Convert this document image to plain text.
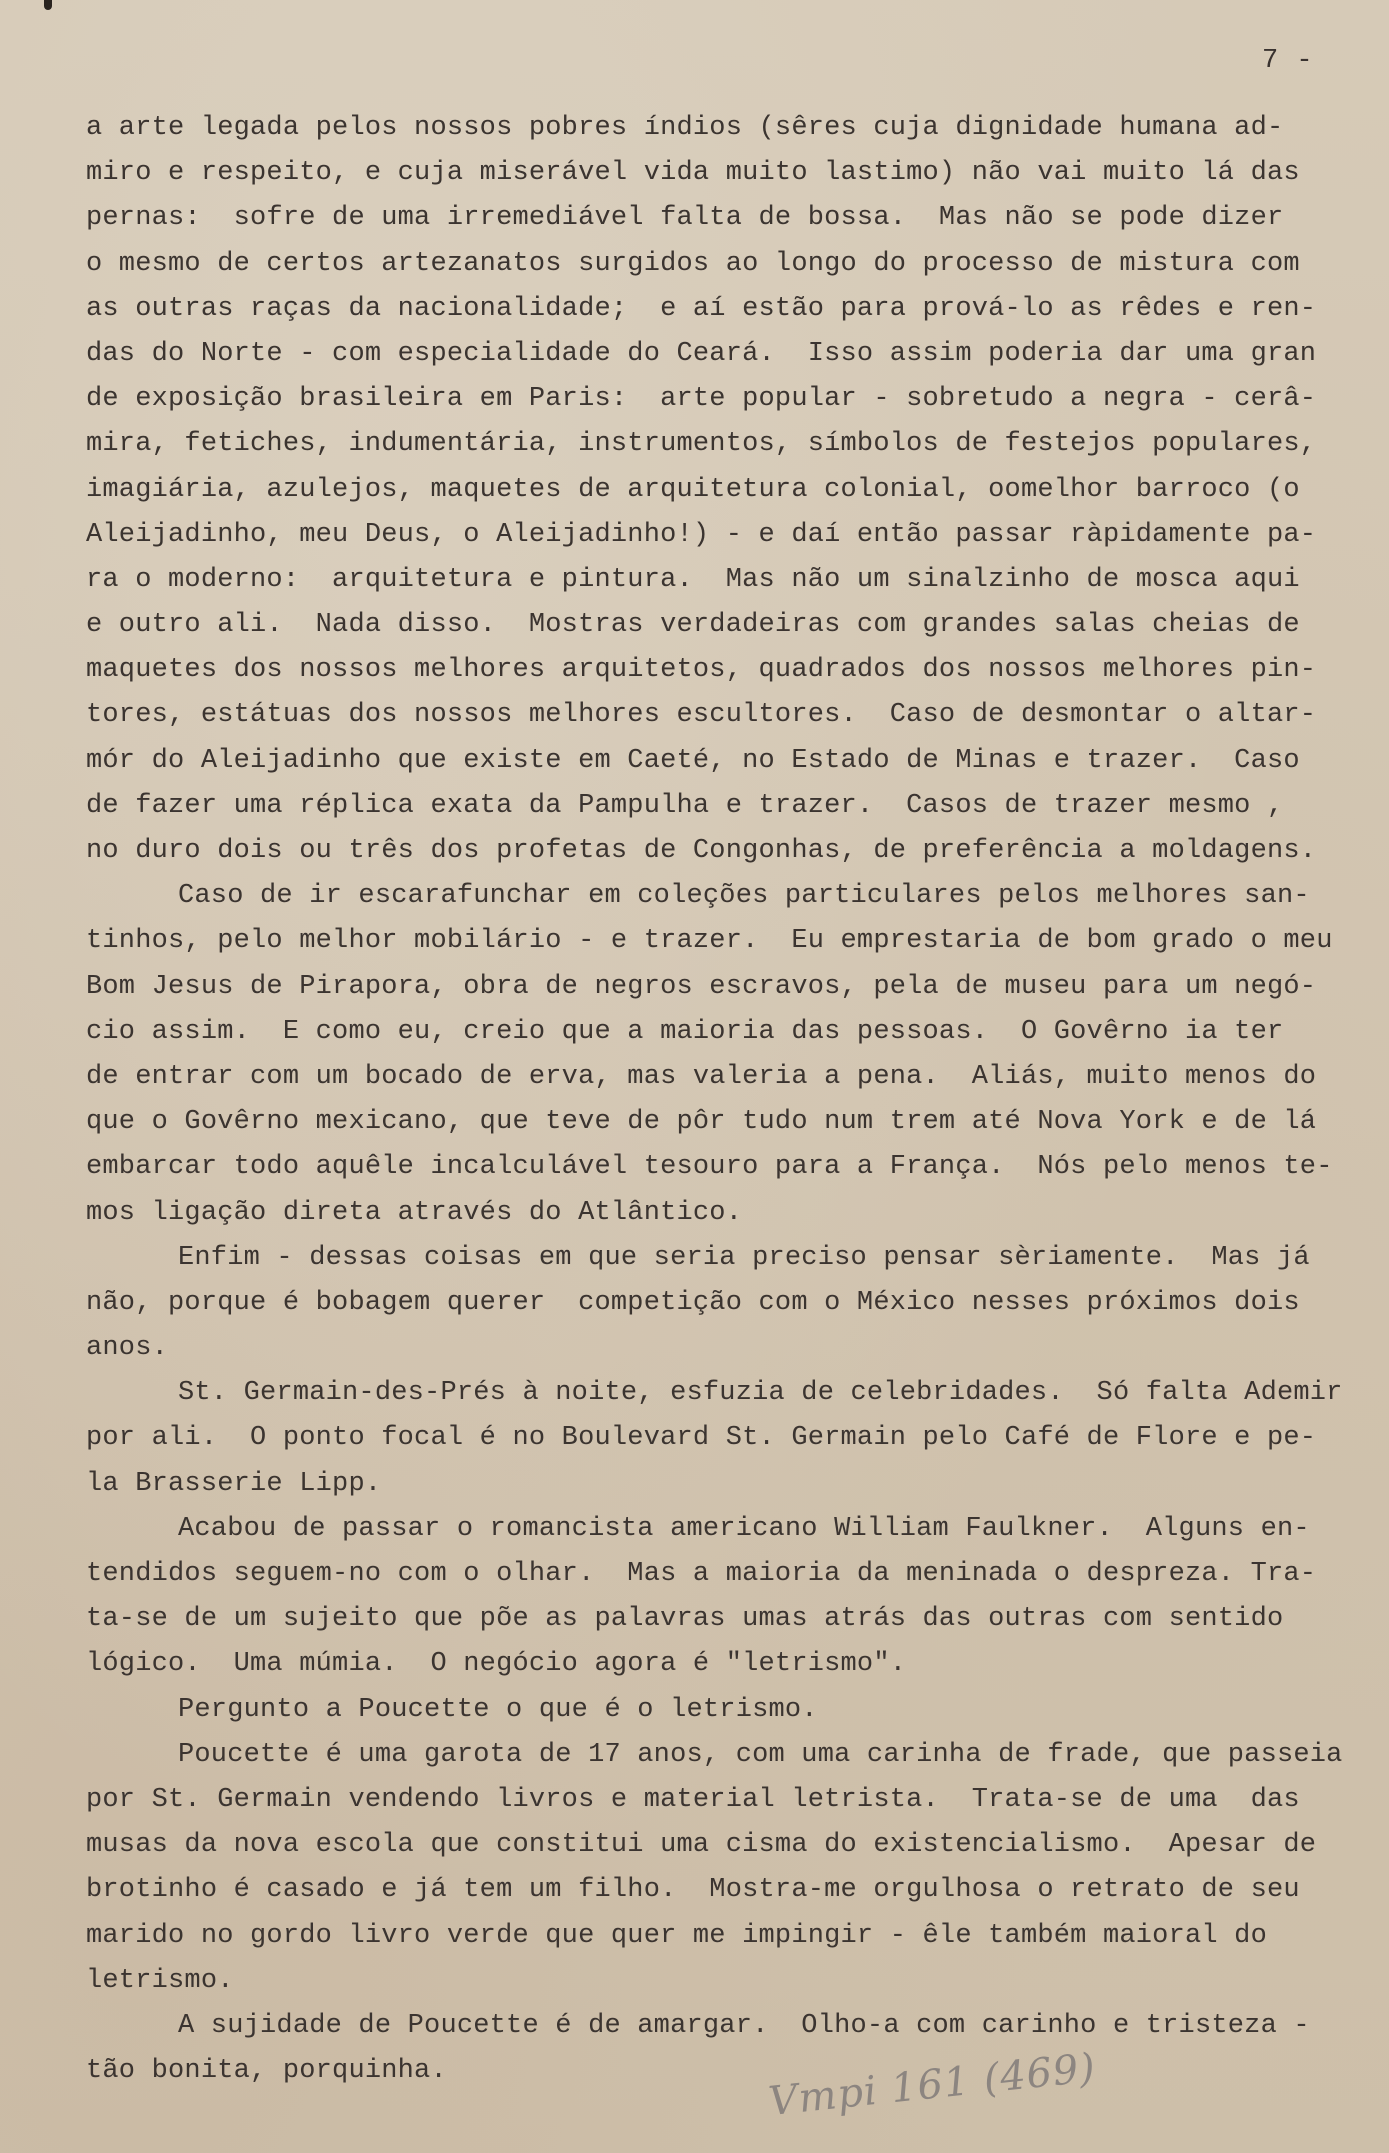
7 -
a arte legada pelos nossos pobres índios (sêres cuja dignidade humana ad-
miro e respeito, e cuja miserável vida muito lastimo) não vai muito lá das
pernas:  sofre de uma irremediável falta de bossa.  Mas não se pode dizer
o mesmo de certos artezanatos surgidos ao longo do processo de mistura com
as outras raças da nacionalidade;  e aí estão para prová-lo as rêdes e ren-
das do Norte - com especialidade do Ceará.  Isso assim poderia dar uma gran
de exposição brasileira em Paris:  arte popular - sobretudo a negra - cerâ-
mira, fetiches, indumentária, instrumentos, símbolos de festejos populares,
imagiária, azulejos, maquetes de arquitetura colonial, oomelhor barroco (o
Aleijadinho, meu Deus, o Aleijadinho!) - e daí então passar ràpidamente pa-
ra o moderno:  arquitetura e pintura.  Mas não um sinalzinho de mosca aqui
e outro ali.  Nada disso.  Mostras verdadeiras com grandes salas cheias de
maquetes dos nossos melhores arquitetos, quadrados dos nossos melhores pin-
tores, estátuas dos nossos melhores escultores.  Caso de desmontar o altar-
mór do Aleijadinho que existe em Caeté, no Estado de Minas e trazer.  Caso
de fazer uma réplica exata da Pampulha e trazer.  Casos de trazer mesmo ,
no duro dois ou três dos profetas de Congonhas, de preferência a moldagens.
Caso de ir escarafunchar em coleções particulares pelos melhores san-
tinhos, pelo melhor mobilário - e trazer.  Eu emprestaria de bom grado o meu
Bom Jesus de Pirapora, obra de negros escravos, pela de museu para um negó-
cio assim.  E como eu, creio que a maioria das pessoas.  O Govêrno ia ter
de entrar com um bocado de erva, mas valeria a pena.  Aliás, muito menos do
que o Govêrno mexicano, que teve de pôr tudo num trem até Nova York e de lá
embarcar todo aquêle incalculável tesouro para a França.  Nós pelo menos te-
mos ligação direta através do Atlântico.
Enfim - dessas coisas em que seria preciso pensar sèriamente.  Mas já
não, porque é bobagem querer  competição com o México nesses próximos dois
anos.
St. Germain-des-Prés à noite, esfuzia de celebridades.  Só falta Ademir
por ali.  O ponto focal é no Boulevard St. Germain pelo Café de Flore e pe-
la Brasserie Lipp.
Acabou de passar o romancista americano William Faulkner.  Alguns en-
tendidos seguem-no com o olhar.  Mas a maioria da meninada o despreza. Tra-
ta-se de um sujeito que põe as palavras umas atrás das outras com sentido
lógico.  Uma múmia.  O negócio agora é "letrismo".
Pergunto a Poucette o que é o letrismo.
Poucette é uma garota de 17 anos, com uma carinha de frade, que passeia
por St. Germain vendendo livros e material letrista.  Trata-se de uma  das
musas da nova escola que constitui uma cisma do existencialismo.  Apesar de
brotinho é casado e já tem um filho.  Mostra-me orgulhosa o retrato de seu
marido no gordo livro verde que quer me impingir - êle também maioral do
letrismo.
A sujidade de Poucette é de amargar.  Olho-a com carinho e tristeza -
tão bonita, porquinha.	Vmpi 161 (469)
